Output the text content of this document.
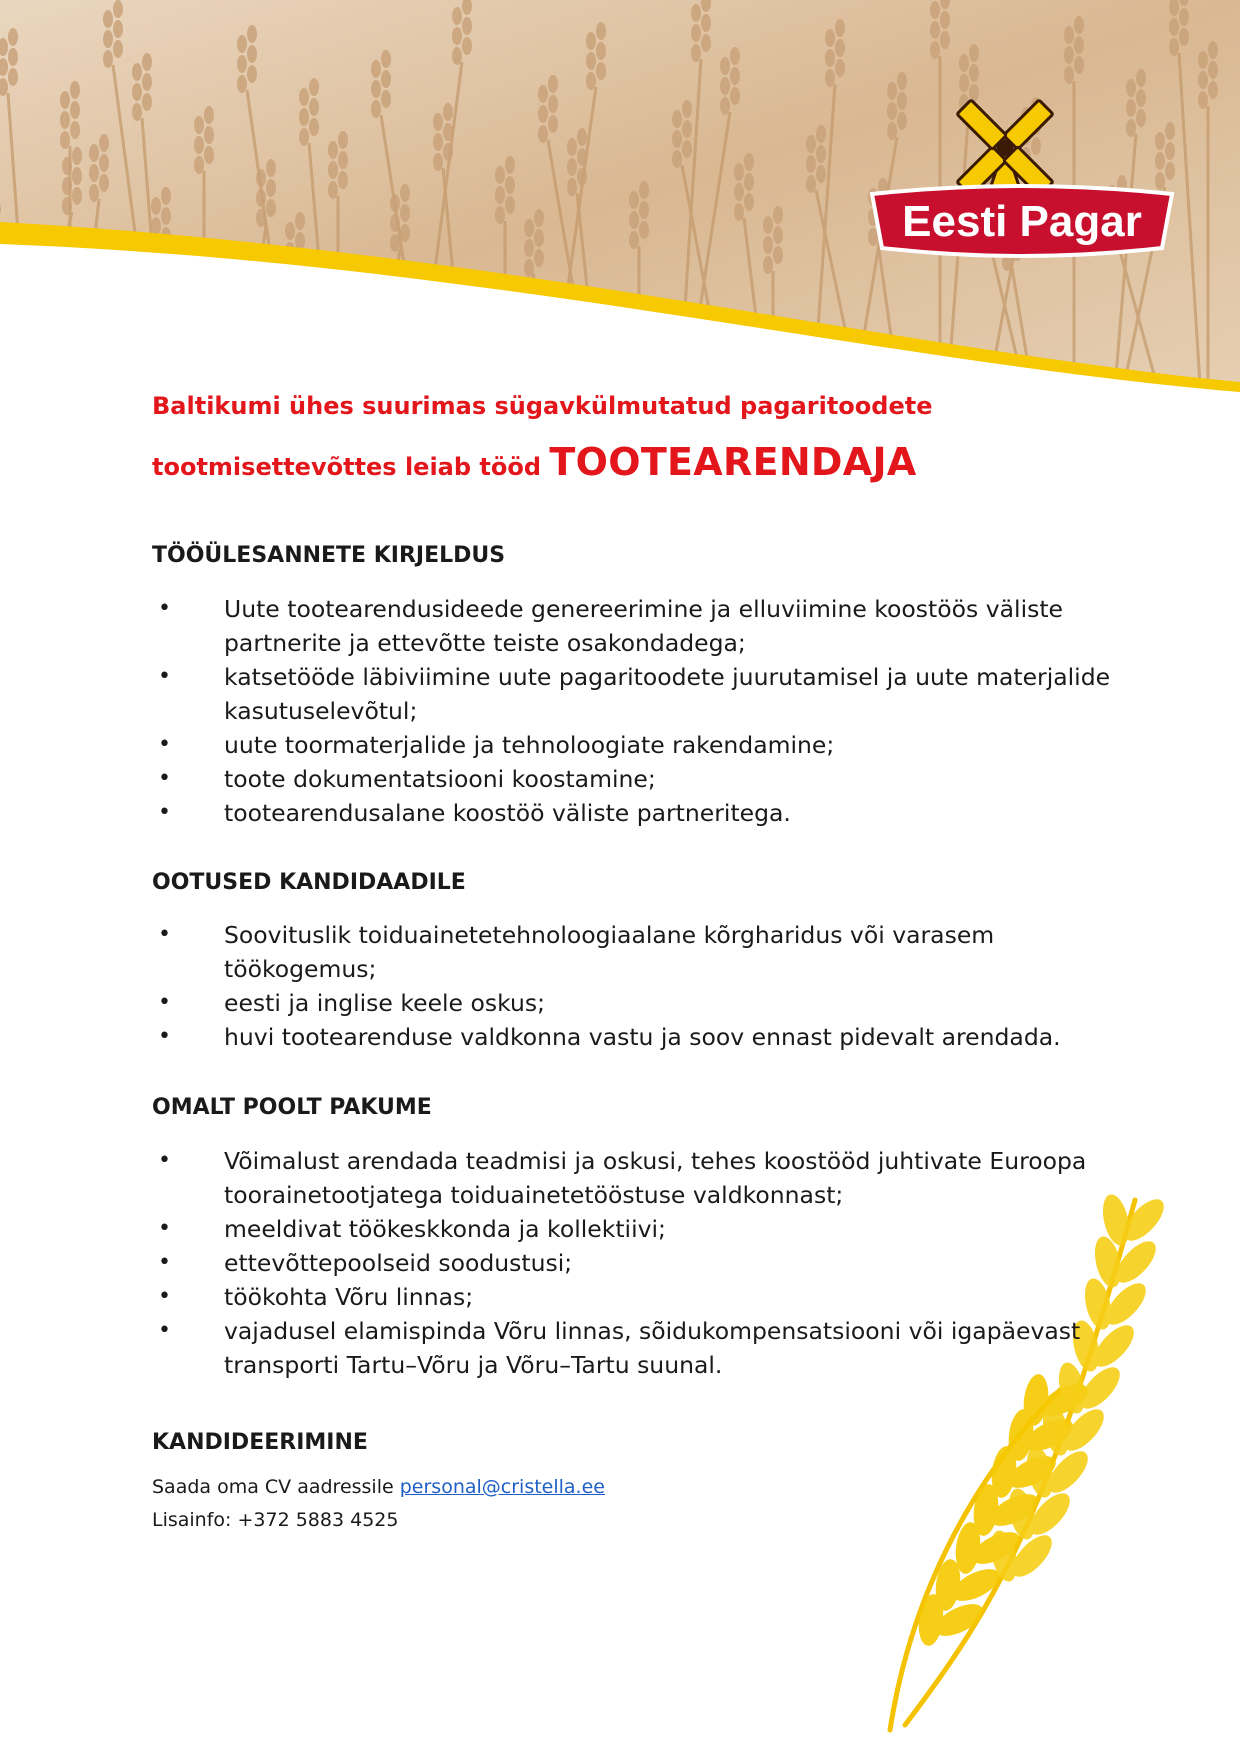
Eesti Pagar

Baltikumi ühes suurimas sügavkülmutatud pagaritoodete
tootmisettevõttes leiab tööd TOOTEARENDAJA

TÖÖÜLESANNETE KIRJELDUS
• Uute tootearendusideede genereerimine ja elluviimine koostöös väliste partnerite ja ettevõtte teiste osakondadega;
• katsetööde läbiviimine uute pagaritoodete juurutamisel ja uute materjalide kasutuselevõtul;
• uute toormaterjalide ja tehnoloogiate rakendamine;
• toote dokumentatsiooni koostamine;
• tootearendusalane koostöö väliste partneritega.
OOTUSED KANDIDAADILE
• Soovituslik toiduainetetehnoloogiaalane kõrgharidus või varasem töökogemus;
• eesti ja inglise keele oskus;
• huvi tootearenduse valdkonna vastu ja soov ennast pidevalt arendada.
OMALT POOLT PAKUME
• Võimalust arendada teadmisi ja oskusi, tehes koostööd juhtivate Euroopa toorainetootjatega toiduainetetööstuse valdkonnast;
• meeldivat töökeskkonda ja kollektiivi;
• ettevõttepoolseid soodustusi;
• töökohta Võru linnas;
• vajadusel elamispinda Võru linnas, sõidukompensatsiooni või igapäevast transporti Tartu–Võru ja Võru–Tartu suunal.
KANDIDEERIMINE
Saada oma CV aadressile personal@cristella.ee
Lisainfo: +372 5883 4525
